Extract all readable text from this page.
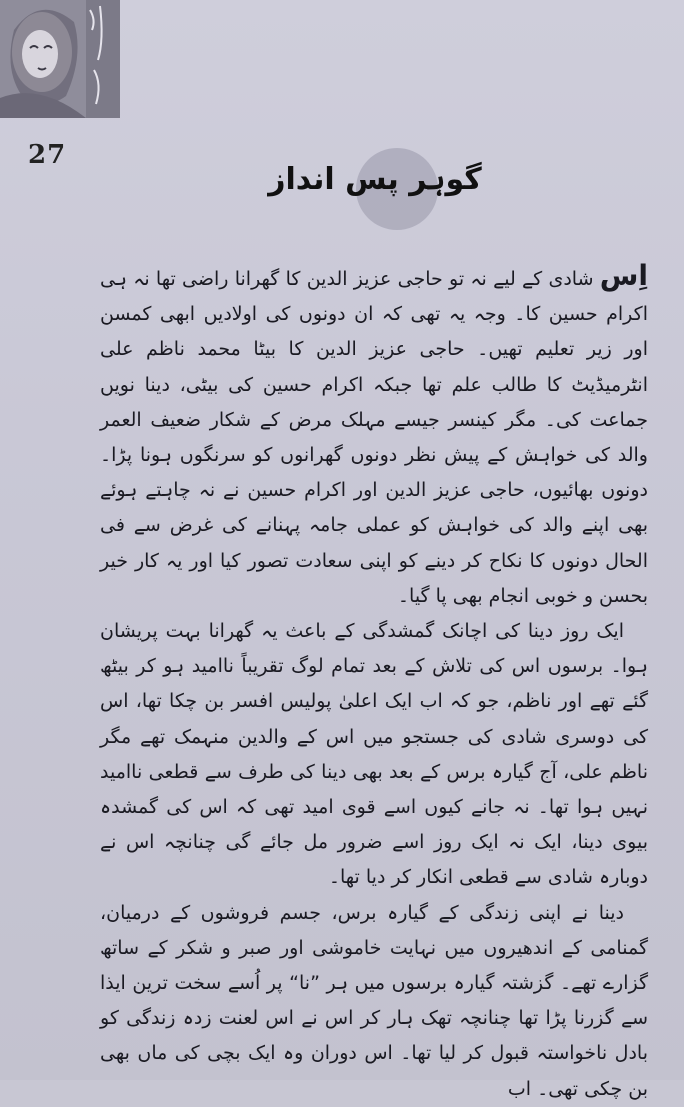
27
گوہر پس انداز

اِس شادی کے لیے نہ تو حاجی عزیز الدین کا گھرانا راضی تھا نہ ہی اکرام حسین کا۔ وجہ یہ تھی کہ ان دونوں کی اولادیں ابھی کمسن اور زیر تعلیم تھیں۔ حاجی عزیز الدین کا بیٹا محمد ناظم علی انٹرمیڈیٹ کا طالب علم تھا جبکہ اکرام حسین کی بیٹی، دینا نویں جماعت کی۔ مگر کینسر جیسے مہلک مرض کے شکار ضعیف العمر والد کی خواہش کے پیش نظر دونوں گھرانوں کو سرنگوں ہونا پڑا۔ دونوں بھائیوں، حاجی عزیز الدین اور اکرام حسین نے نہ چاہتے ہوئے بھی اپنے والد کی خواہش کو عملی جامہ پہنانے کی غرض سے فی الحال دونوں کا نکاح کر دینے کو اپنی سعادت تصور کیا اور یہ کار خیر بحسن و خوبی انجام بھی پا گیا۔

ایک روز دینا کی اچانک گمشدگی کے باعث یہ گھرانا بہت پریشان ہوا۔ برسوں اس کی تلاش کے بعد تمام لوگ تقریباً ناامید ہو کر بیٹھ گئے تھے اور ناظم، جو کہ اب ایک اعلیٰ پولیس افسر بن چکا تھا، اس کی دوسری شادی کی جستجو میں اس کے والدین منہمک تھے مگر ناظم علی، آج گیارہ برس کے بعد بھی دینا کی طرف سے قطعی ناامید نہیں ہوا تھا۔ نہ جانے کیوں اسے قوی امید تھی کہ اس کی گمشدہ بیوی دینا، ایک نہ ایک روز اسے ضرور مل جائے گی چنانچہ اس نے دوبارہ شادی سے قطعی انکار کر دیا تھا۔

دینا نے اپنی زندگی کے گیارہ برس، جسم فروشوں کے درمیان، گمنامی کے اندھیروں میں نہایت خاموشی اور صبر و شکر کے ساتھ گزارے تھے۔ گزشتہ گیارہ برسوں میں ہر ”نا“ پر اُسے سخت ترین ایذا سے گزرنا پڑا تھا چنانچہ تھک ہار کر اس نے اس لعنت زدہ زندگی کو بادل ناخواستہ قبول کر لیا تھا۔ اس دوران وہ ایک بچی کی ماں بھی بن چکی تھی۔ اب
